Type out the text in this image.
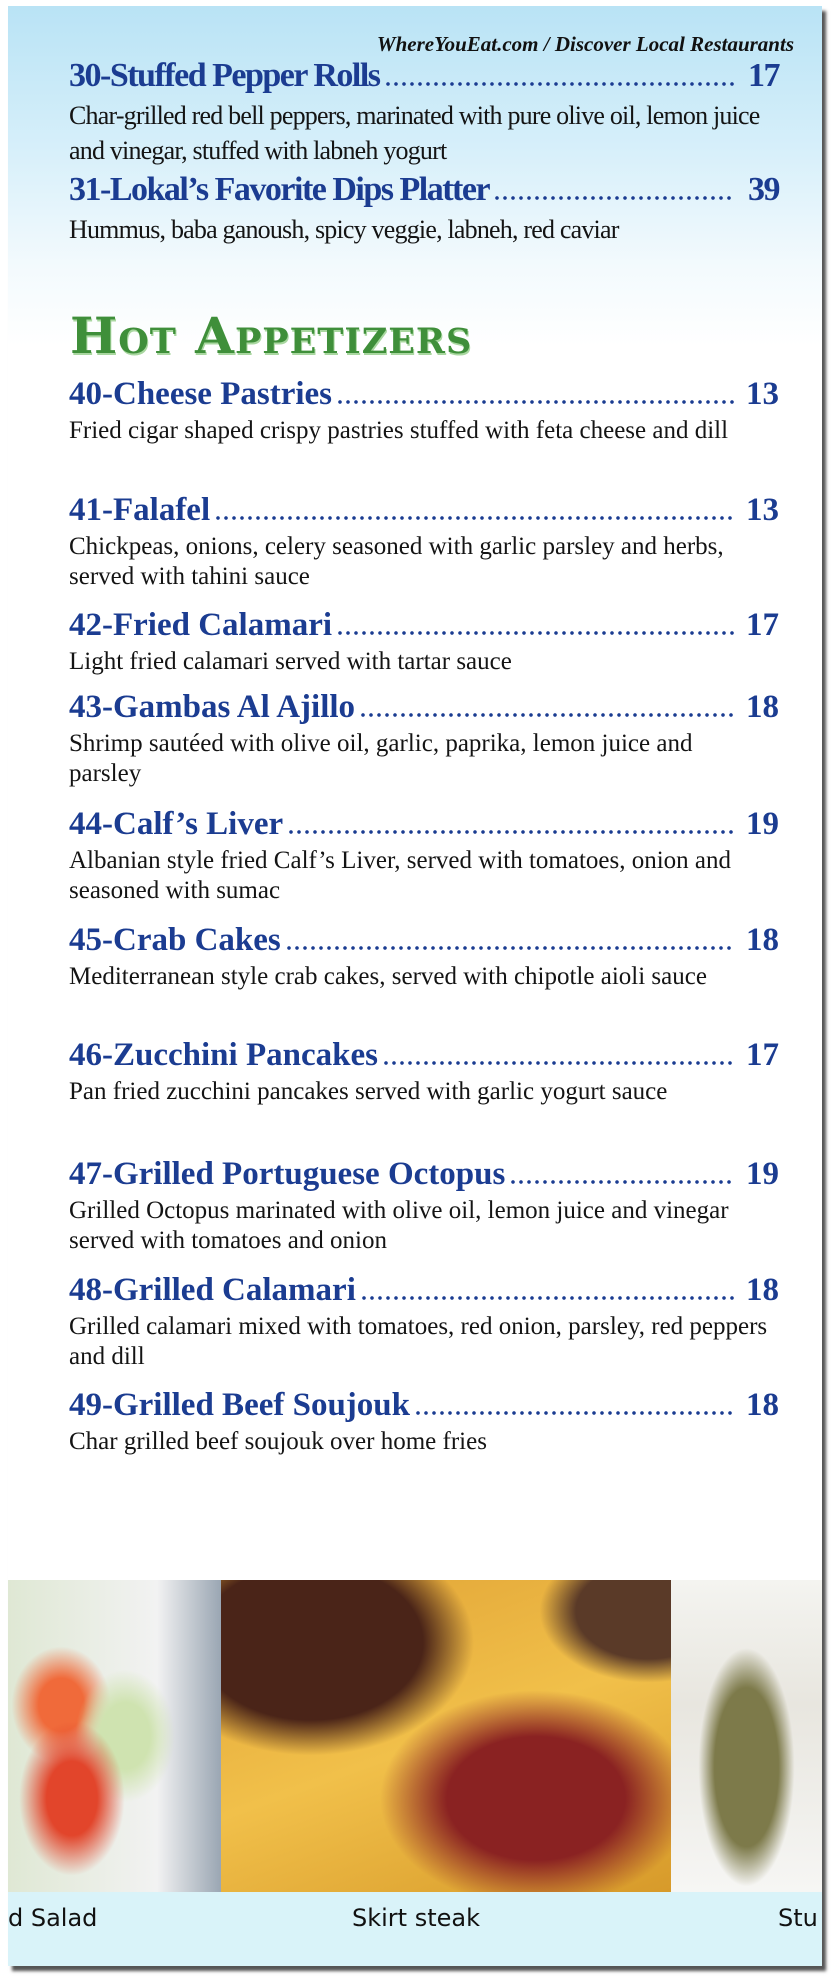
WhereYouEat.com / Discover Local Restaurants
30-Stuffed Pepper Rolls	17
Char-grilled red bell peppers, marinated with pure olive oil, lemon juice and vinegar, stuffed with labneh yogurt
31-Lokal’s Favorite Dips Platter	39
Hummus, baba ganoush, spicy veggie, labneh, red caviar
Hot Appetizers
40-Cheese Pastries	13
Fried cigar shaped crispy pastries stuffed with feta cheese and dill
41-Falafel	13
Chickpeas, onions, celery seasoned with garlic parsley and herbs, served with tahini sauce
42-Fried Calamari	17
Light fried calamari served with tartar sauce
43-Gambas Al Ajillo	18
Shrimp sautéed with olive oil, garlic, paprika, lemon juice and parsley
44-Calf’s Liver	19
Albanian style fried Calf’s Liver, served with tomatoes, onion and seasoned with sumac
45-Crab Cakes	18
Mediterranean style crab cakes, served with chipotle aioli sauce
46-Zucchini Pancakes	17
Pan fried zucchini pancakes served with garlic yogurt sauce
47-Grilled Portuguese Octopus	19
Grilled Octopus marinated with olive oil, lemon juice and vinegar served with tomatoes and onion
48-Grilled Calamari	18
Grilled calamari mixed with tomatoes, red onion, parsley, red peppers and dill
49-Grilled Beef Soujouk	18
Char grilled beef soujouk over home fries
d Salad	Skirt steak	Stu
